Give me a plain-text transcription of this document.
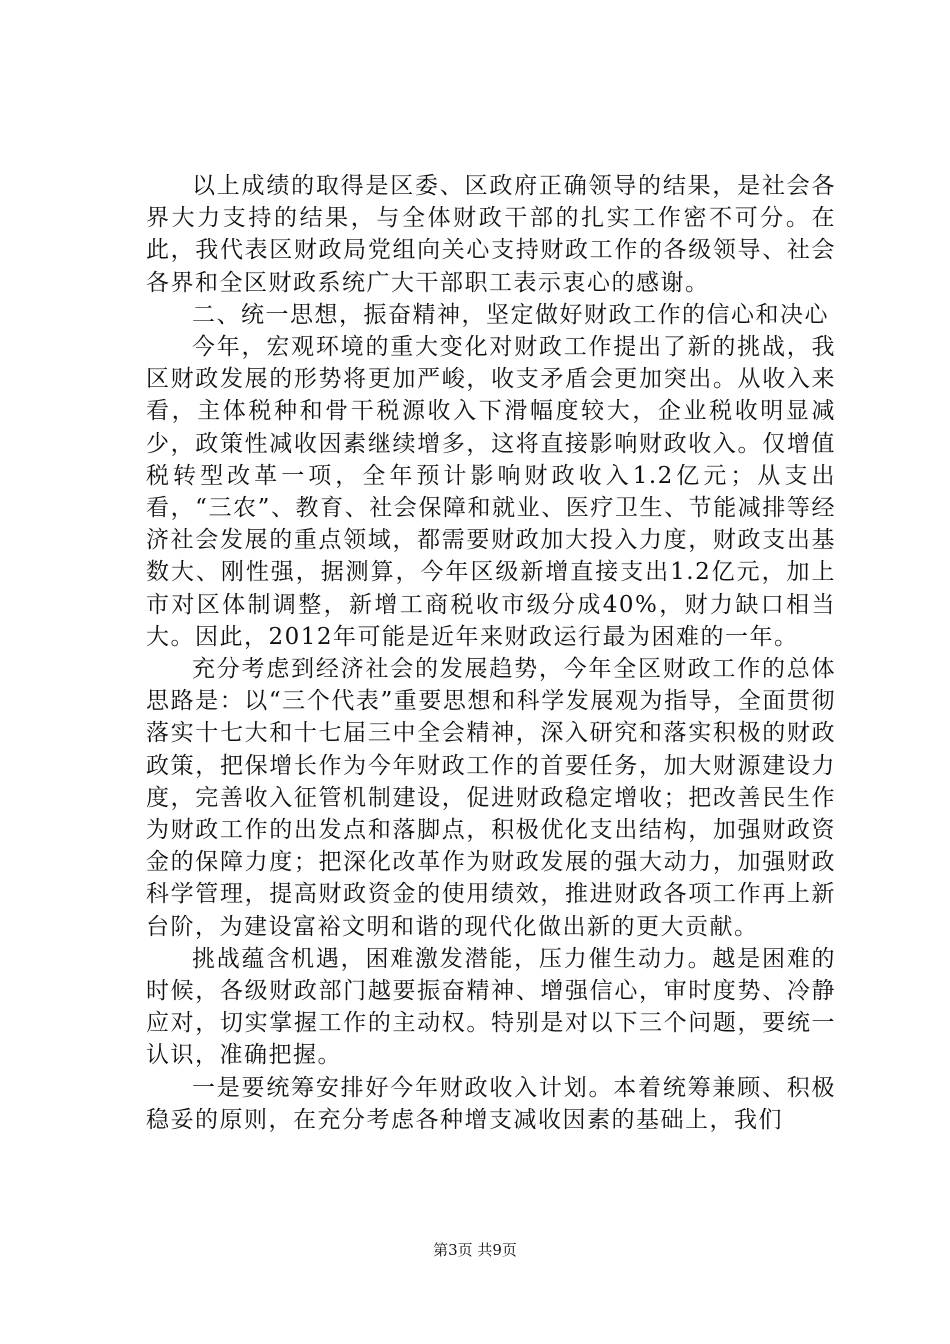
以上成绩的取得是区委、区政府正确领导的结果，是社会各界大力支持的结果，与全体财政干部的扎实工作密不可分。在此，我代表区财政局党组向关心支持财政工作的各级领导、社会各界和全区财政系统广大干部职工表示衷心的感谢。

二、统一思想，振奋精神，坚定做好财政工作的信心和决心

今年，宏观环境的重大变化对财政工作提出了新的挑战，我区财政发展的形势将更加严峻，收支矛盾会更加突出。从收入来看，主体税种和骨干税源收入下滑幅度较大，企业税收明显减少，政策性减收因素继续增多，这将直接影响财政收入。仅增值税转型改革一项，全年预计影响财政收入1.2亿元；从支出看，“三农”、教育、社会保障和就业、医疗卫生、节能减排等经济社会发展的重点领域，都需要财政加大投入力度，财政支出基数大、刚性强，据测算，今年区级新增直接支出1.2亿元，加上市对区体制调整，新增工商税收市级分成40%，财力缺口相当大。因此，2012年可能是近年来财政运行最为困难的一年。

充分考虑到经济社会的发展趋势，今年全区财政工作的总体思路是：以“三个代表”重要思想和科学发展观为指导，全面贯彻落实十七大和十七届三中全会精神，深入研究和落实积极的财政政策，把保增长作为今年财政工作的首要任务，加大财源建设力度，完善收入征管机制建设，促进财政稳定增收；把改善民生作为财政工作的出发点和落脚点，积极优化支出结构，加强财政资金的保障力度；把深化改革作为财政发展的强大动力，加强财政科学管理，提高财政资金的使用绩效，推进财政各项工作再上新台阶，为建设富裕文明和谐的现代化做出新的更大贡献。

挑战蕴含机遇，困难激发潜能，压力催生动力。越是困难的时候，各级财政部门越要振奋精神、增强信心，审时度势、冷静应对，切实掌握工作的主动权。特别是对以下三个问题，要统一认识，准确把握。

一是要统筹安排好今年财政收入计划。本着统筹兼顾、积极稳妥的原则，在充分考虑各种增支减收因素的基础上，我们

第3页 共9页
